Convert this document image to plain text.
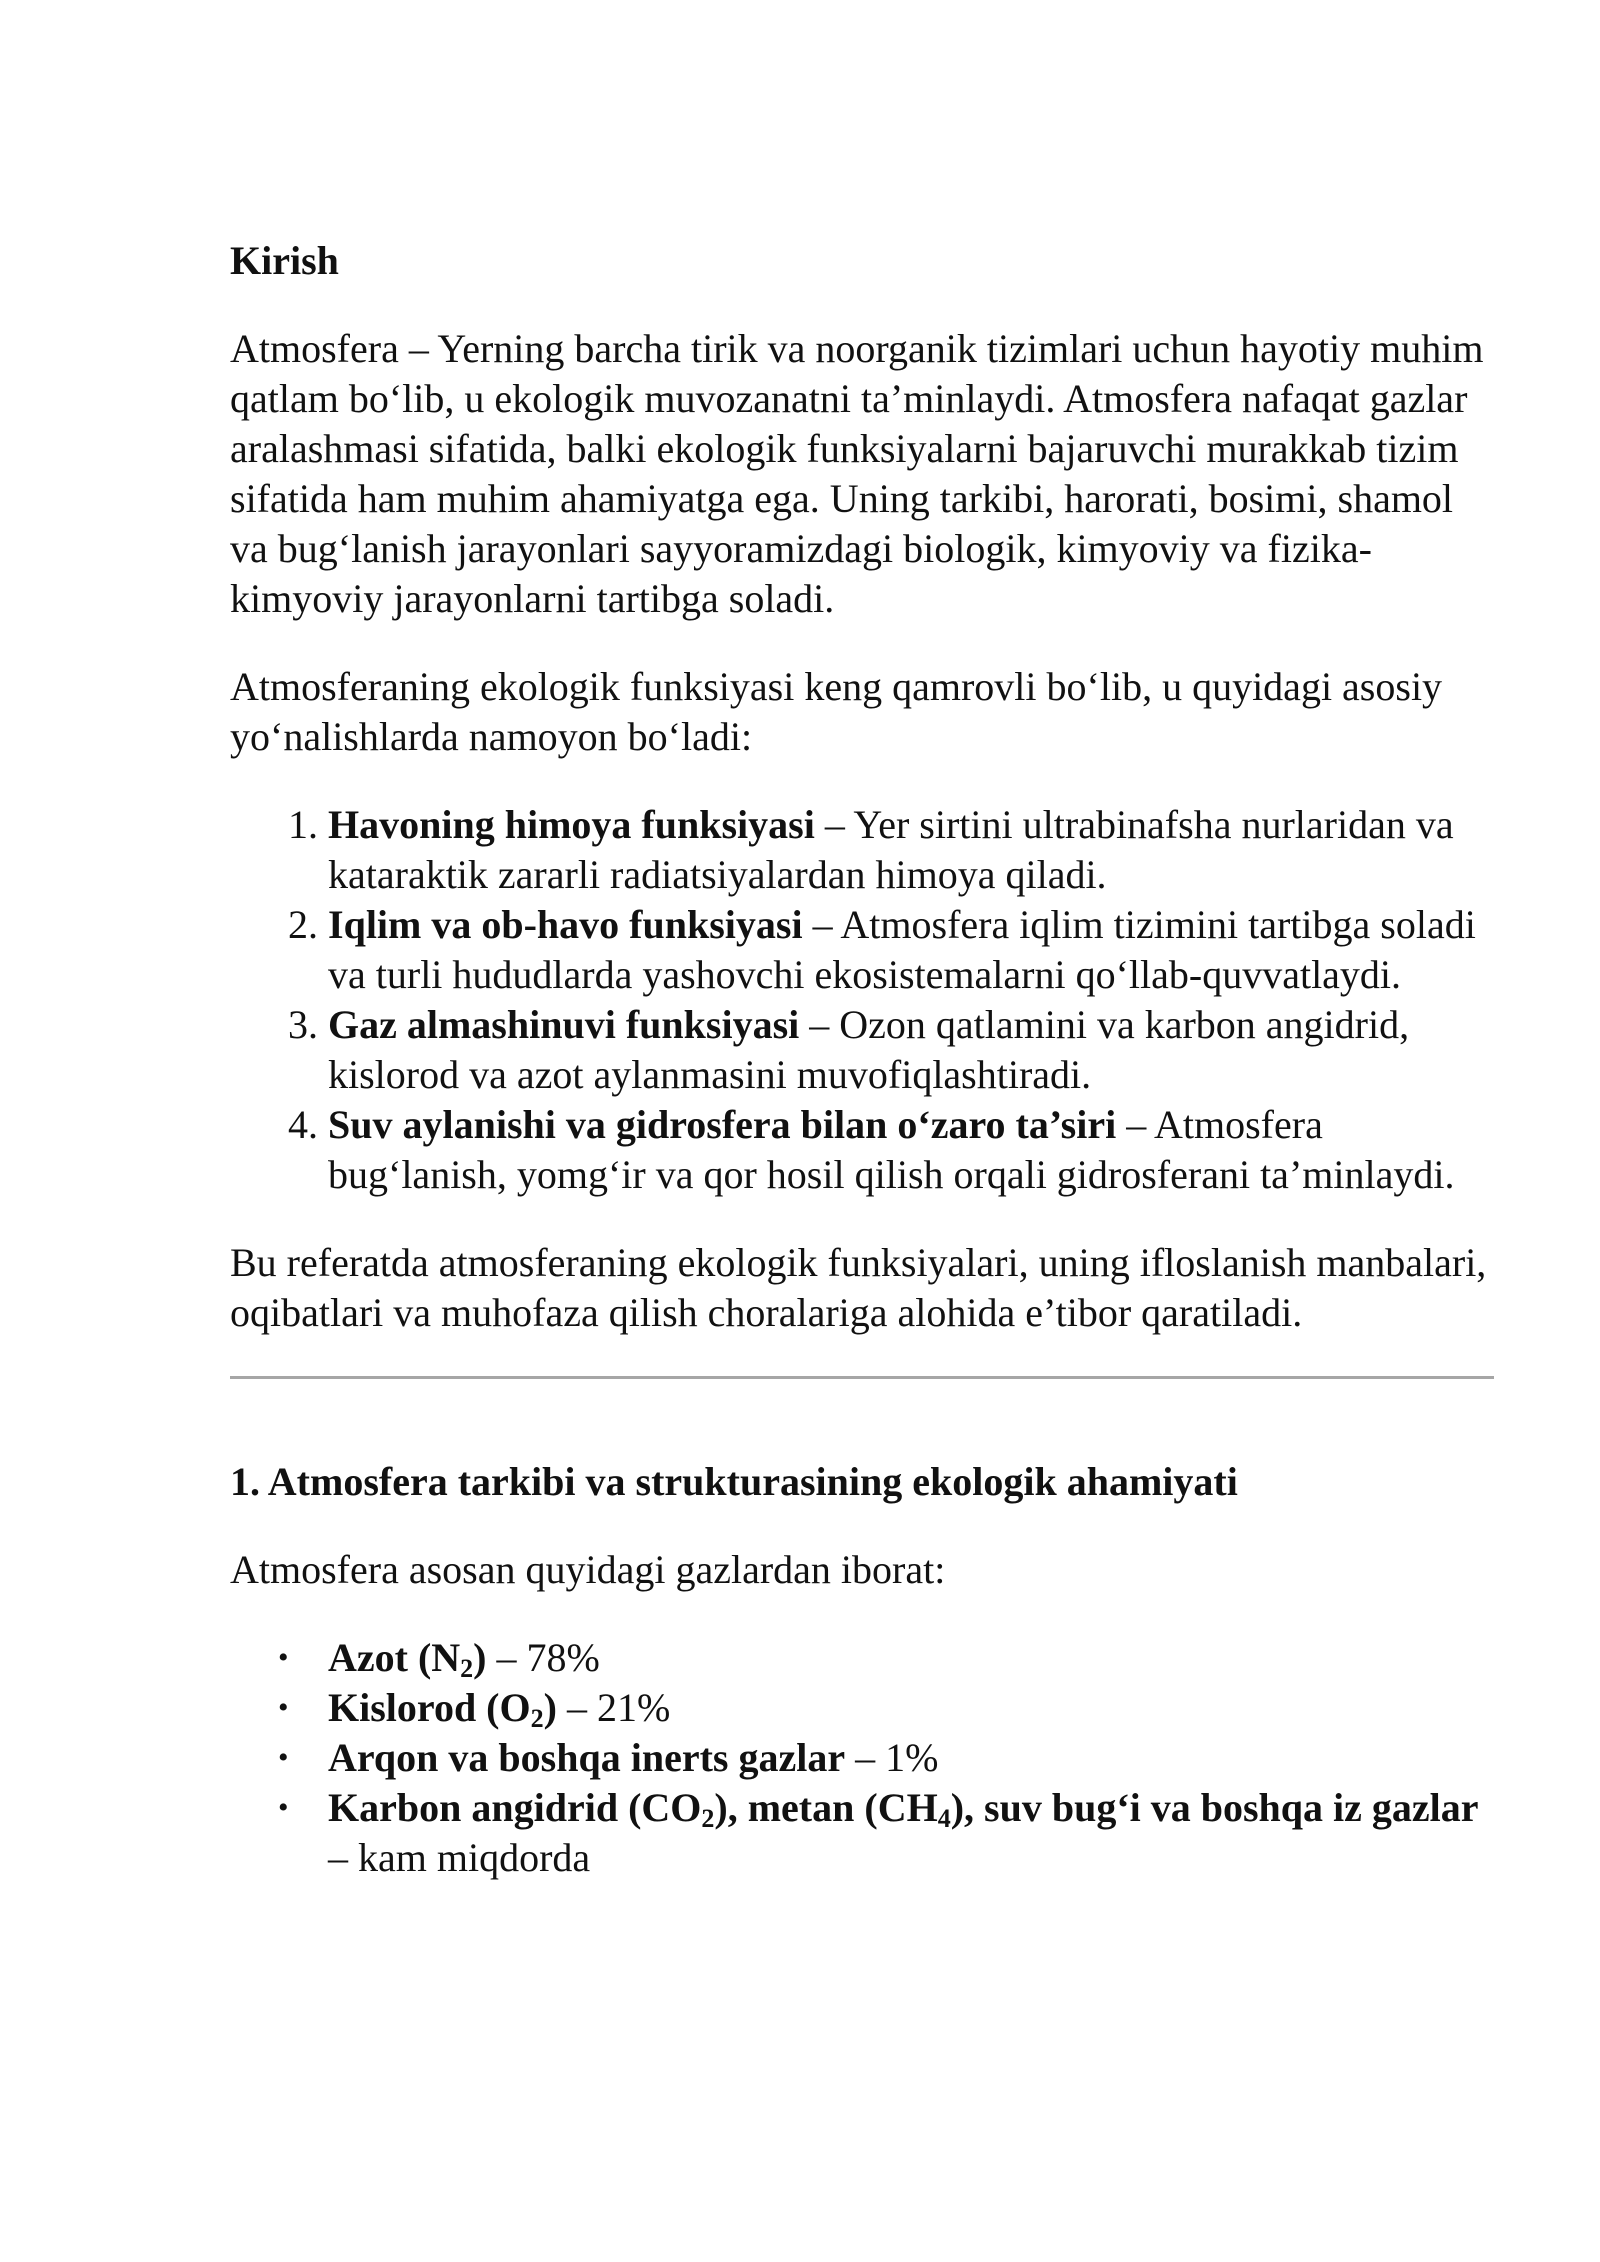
Kirish

Atmosfera – Yerning barcha tirik va noorganik tizimlari uchun hayotiy muhim qatlam bo‘lib, u ekologik muvozanatni ta’minlaydi. Atmosfera nafaqat gazlar aralashmasi sifatida, balki ekologik funksiyalarni bajaruvchi murakkab tizim sifatida ham muhim ahamiyatga ega. Uning tarkibi, harorati, bosimi, shamol va bug‘lanish jarayonlari sayyoramizdagi biologik, kimyoviy va fizika-kimyoviy jarayonlarni tartibga soladi.

Atmosferaning ekologik funksiyasi keng qamrovli bo‘lib, u quyidagi asosiy yo‘nalishlarda namoyon bo‘ladi:

1. Havoning himoya funksiyasi – Yer sirtini ultrabinafsha nurlaridan va kataraktik zararli radiatsiyalardan himoya qiladi.
2. Iqlim va ob-havo funksiyasi – Atmosfera iqlim tizimini tartibga soladi va turli hududlarda yashovchi ekosistemalarni qo‘llab-quvvatlaydi.
3. Gaz almashinuvi funksiyasi – Ozon qatlamini va karbon angidrid, kislorod va azot aylanmasini muvofiqlashtiradi.
4. Suv aylanishi va gidrosfera bilan o‘zaro ta’siri – Atmosfera bug‘lanish, yomg‘ir va qor hosil qilish orqali gidrosferani ta’minlaydi.

Bu referatda atmosferaning ekologik funksiyalari, uning ifloslanish manbalari, oqibatlari va muhofaza qilish choralariga alohida e’tibor qaratiladi.

1. Atmosfera tarkibi va strukturasining ekologik ahamiyati

Atmosfera asosan quyidagi gazlardan iborat:

• Azot $(N_2) - 78\%$
• Kislorod $(O_2) - 21\%$
• Arqon va boshqa inerts gazlar – 1%
• Karbon angidrid $(CO_2)$, metan $(CH_4)$, suv bug‘i va boshqa iz gazlar – kam miqdorda
